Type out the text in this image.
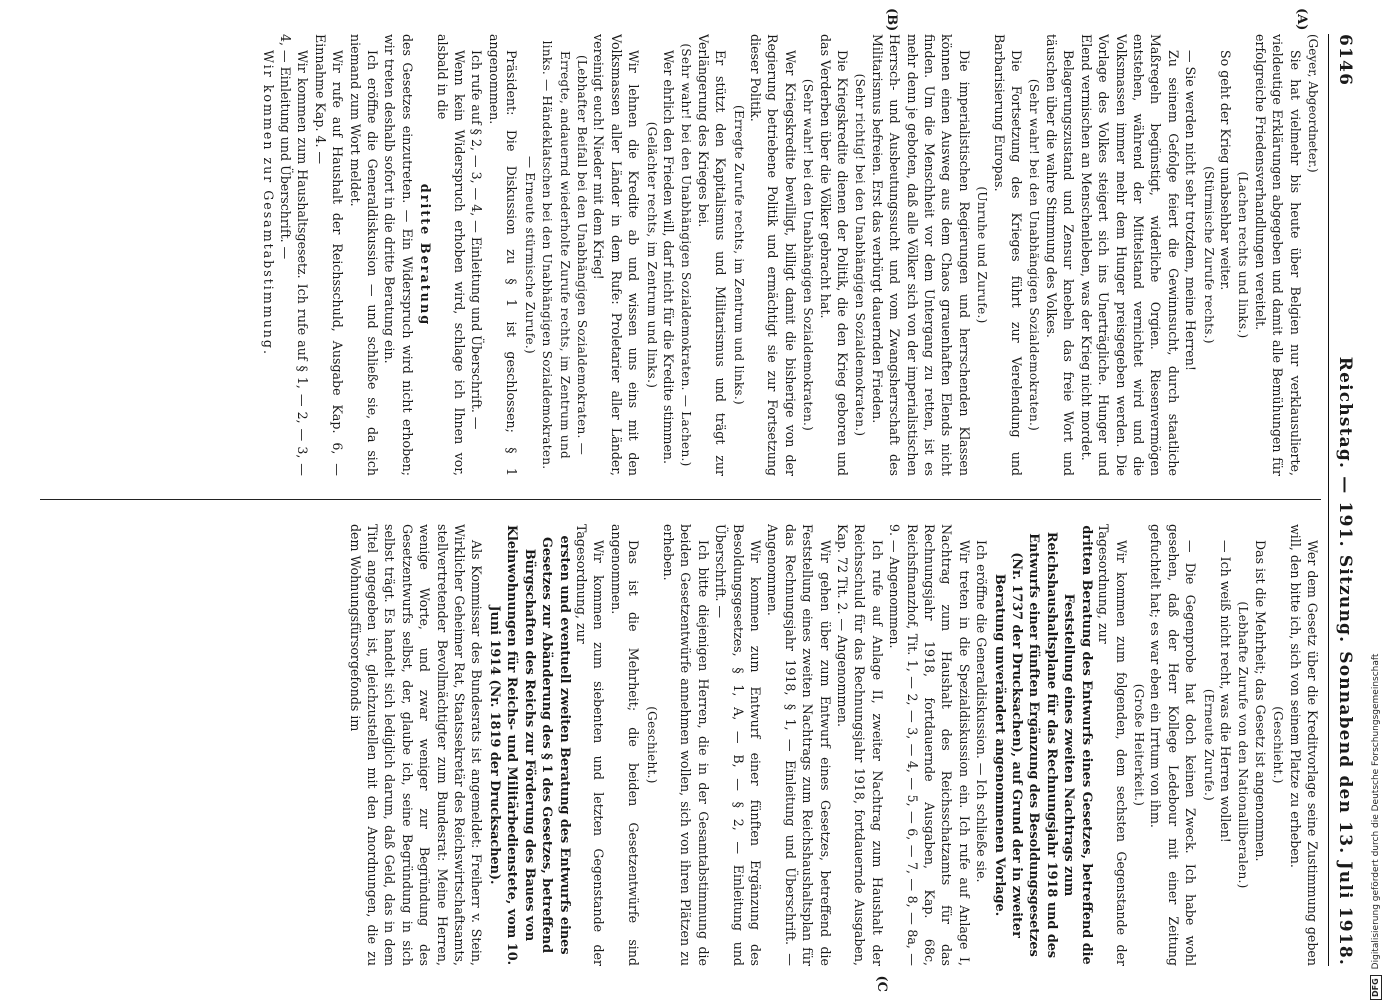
6146
Reichstag. — 191. Sitzung.
Sonnabend den 13. Juli 1918.
(A)
(B)
(C

(Geyer, Abgeordneter.)

Sie hat vielmehr bis heute über Belgien nur verklausulierte, vieldeutige Erklärungen abgegeben und damit alle Bemühungen für erfolgreiche Friedensverhandlungen vereitelt.

(Lachen rechts und links.)

So geht der Krieg unabsehbar weiter.

(Stürmische Zurufe rechts.)

— Sie werden nicht sehr trotzdem, meine Herren!

Zu seinem Gefolge feiert die Gewinnsucht, durch staatliche Maßregeln begünstigt, widerliche Orgien. Riesenvermögen entstehen, während der Mittelstand vernichtet wird und die Volksmassen immer mehr dem Hunger preisgegeben werden. Die Vorlage des Volkes steigert sich ins Unerträgliche. Hunger und Elend vermischen an Menschenleben, was der Krieg nicht mordet.

Belagerungszustand und Zensur knebeln das freie Wort und täuschen über die wahre Stimmung des Volkes.

(Sehr wahr! bei den Unabhängigen Sozialdemokraten.)

Die Fortsetzung des Krieges führt zur Verelendung und Barbarisierung Europas.

(Unruhe und Zurufe.)

Die imperialistischen Regierungen und herrschenden Klassen können einen Ausweg aus dem Chaos grauenhaften Elends nicht finden. Um die Menschheit vor dem Untergang zu retten, ist es mehr denn je geboten, daß alle Völker sich von der imperialistischen Herrsch- und Ausbeutungssucht und vom Zwangsherrschaft des Militarismus befreien. Erst das verbürgt dauernden Frieden.

(Sehr richtig! bei den Unabhängigen Sozialdemokraten.)

Die Kriegskredite dienen der Politik, die den Krieg geboren und das Verderben über die Völker gebracht hat.

(Sehr wahr! bei den Unabhängigen Sozialdemokraten.)

Wer Kriegskredite bewilligt, billigt damit die bisherige von der Regierung betriebene Politik und ermächtigt sie zur Fortsetzung dieser Politik.

(Erregte Zurufe rechts, im Zentrum und links.)

Er stützt den Kapitalismus und Militarismus und trägt zur Verlängerung des Krieges bei.

(Sehr wahr! bei den Unabhängigen Sozialdemokraten. — Lachen.)

Wer ehrlich den Frieden will, darf nicht für die Kredite stimmen.

(Gelächter rechts, im Zentrum und links.)

Wir lehnen die Kredite ab und wissen uns eins mit den Volksmassen aller Länder in dem Rufe: Proletarier aller Länder, vereinigt euch! Nieder mit dem Krieg!

(Lebhafter Beifall bei den Unabhängigen Sozialdemokraten. — Erregte, andauernd wiederholte Zurufe rechts, im Zentrum und links. — Händeklatschen bei den Unabhängigen Sozialdemokraten. — Erneute stürmische Zurufe.)

Präsident: Die Diskussion zu § 1 ist geschlossen; § 1 angenommen.

Ich rufe auf § 2, — 3, — 4, — Einleitung und Überschrift. —

Wenn kein Widerspruch erhoben wird, schlage ich Ihnen vor, alsbald in die

dritte Beratung

des Gesetzes einzutreten. — Ein Widerspruch wird nicht erhoben; wir treten deshalb sofort in die dritte Beratung ein.

Ich eröffne die Generaldiskussion — und schließe sie, da sich niemand zum Wort meldet.

Wir rufe auf Haushalt der Reichsschuld, Ausgabe Kap. 6, — Einnahme Kap. 4. —

Wir kommen zum Haushaltsgesetz. Ich rufe auf § 1, — 2, — 3, — 4, — Einleitung und Überschrift. —

Wir kommen zur Gesamtabstimmung.

Wer dem Gesetz über die Kreditvorlage seine Zustimmung geben will, den bitte ich, sich von seinem Platze zu erheben.

(Geschieht.)

Das ist die Mehrheit; das Gesetz ist angenommen.

(Lebhafte Zurufe von den Nationalliberalen.)

— Ich weiß nicht recht, was die Herren wollen!

(Erneute Zurufe.)

— Die Gegenprobe hat doch keinen Zweck. Ich habe wohl gesehen, daß der Herr Kollege Ledebour mit einer Zeitung gefuchtelt hat; es war eben ein Irrtum von ihm.

(Große Heiterkeit.)

Wir kommen zum folgenden, dem sechsten Gegenstande der Tagesordnung, zur

dritten Beratung des Entwurfs eines Gesetzes, betreffend die Feststellung eines zweiten Nachtrags zum Reichshaushaltsplane für das Rechnungsjahr 1918 und des Entwurfs einer fünften Ergänzung des Besoldungsgesetzes (Nr. 1737 der Drucksachen), auf Grund der in zweiter Beratung unverändert angenommenen Vorlage.

Ich eröffne die Generaldiskussion. — Ich schließe sie.

Wir treten in die Spezialdiskussion ein. Ich rufe auf Anlage I, Nachtrag zum Haushalt des Reichsschatzamts für das Rechnungsjahr 1918, fortdauernde Ausgaben, Kap. 68c, Reichsfinanzhof, Tit. 1, — 2, — 3, — 4, — 5, — 6, — 7, — 8, — 8a, — 9. — Angenommen.

Ich rufe auf Anlage II, zweiter Nachtrag zum Haushalt der Reichsschuld für das Rechnungsjahr 1918, fortdauernde Ausgaben, Kap. 72 Tit. 2. — Angenommen.

Wir gehen über zum Entwurf eines Gesetzes, betreffend die Feststellung eines zweiten Nachtrags zum Reichshaushaltsplan für das Rechnungsjahr 1918, § 1, — Einleitung und Überschrift. — Angenommen.

Wir kommen zum Entwurf einer fünften Ergänzung des Besoldungsgesetzes, § 1, A, — B, — § 2, — Einleitung und Überschrift. —

Ich bitte diejenigen Herren, die in der Gesamtabstimmung die beiden Gesetzentwürfe annehmen wollen, sich von ihren Plätzen zu erheben.

(Geschieht.)

Das ist die Mehrheit; die beiden Gesetzentwürfe sind angenommen.

Wir kommen zum siebenten und letzten Gegenstande der Tagesordnung, zur

ersten und eventuell zweiten Beratung des Entwurfs eines Gesetzes zur Abänderung des § 1 des Gesetzes, betreffend Bürgschaften des Reichs zur Förderung des Baues von Kleinwohnungen für Reichs- und Militärbedienstete, vom 10. Juni 1914 (Nr. 1819 der Drucksachen).

Als Kommissar des Bundesrats ist angemeldet: Freiherr v. Stein, Wirklicher Geheimer Rat, Staatssekretär des Reichswirtschaftsamts, stellvertretender Bevollmächtigter zum Bundesrat: Meine Herren, wenige Worte, und zwar weniger zur Begründung des Gesetzentwurfs selbst, der, glaube ich, seine Begründung in sich selbst trägt. Es handelt sich lediglich darum, daß Geld, das in dem Titel angegeben ist, gleichzustellen mit den Anordnungen, die zu dem Wohnungsfürsorgefonds im

DFGDigitalisierung gefördert durch die Deutsche Forschungsgemeinschaft
